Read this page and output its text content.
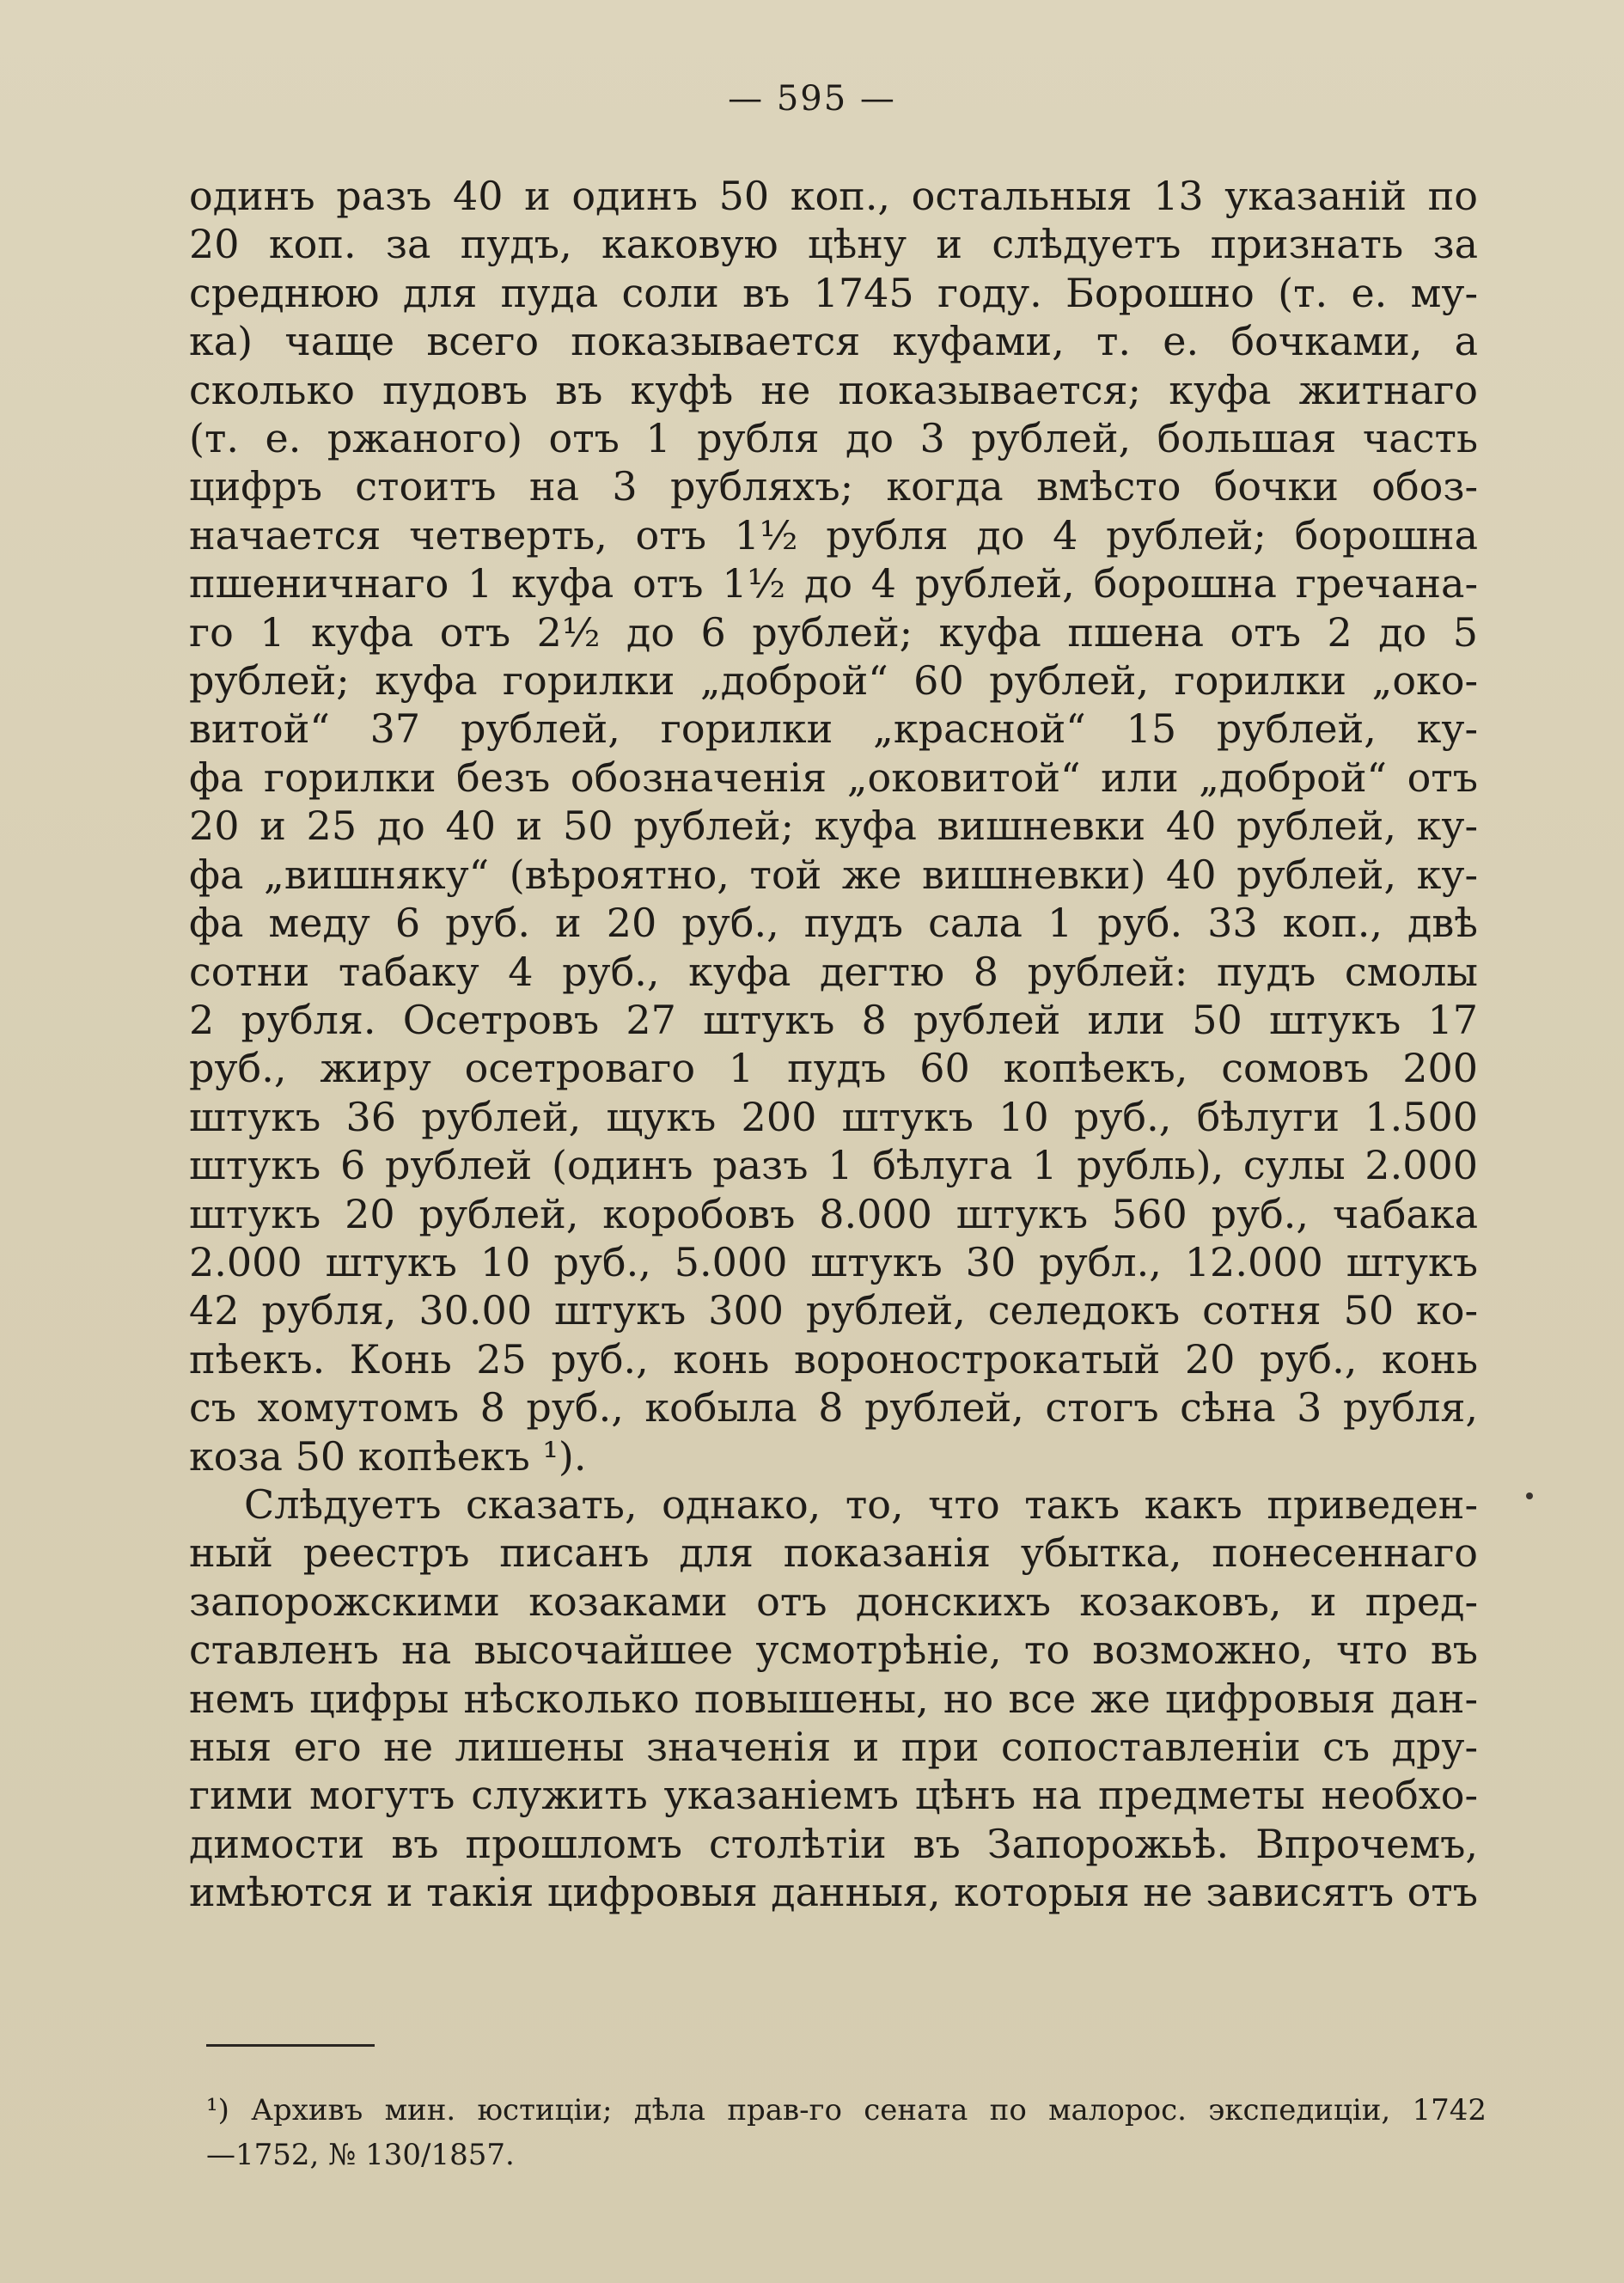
— 595 —
одинъ разъ 40 и одинъ 50 коп., остальныя 13 указаній по
20 коп. за пудъ, каковую цѣну и слѣдуетъ признать за
среднюю для пуда соли въ 1745 году. Борошно (т. е. му-
ка) чаще всего показывается куфами, т. е. бочками, а
сколько пудовъ въ куфѣ не показывается; куфа житнаго
(т. е. ржаного) отъ 1 рубля до 3 рублей, большая часть
цифръ стоитъ на 3 рубляхъ; когда вмѣсто бочки обоз-
начается четверть, отъ 1½ рубля до 4 рублей; борошна
пшеничнаго 1 куфа отъ 1½ до 4 рублей, борошна гречана-
го 1 куфа отъ 2½ до 6 рублей; куфа пшена отъ 2 до 5
рублей; куфа горилки „доброй“ 60 рублей, горилки „око-
витой“ 37 рублей, горилки „красной“ 15 рублей, ку-
фа горилки безъ обозначенія „оковитой“ или „доброй“ отъ
20 и 25 до 40 и 50 рублей; куфа вишневки 40 рублей, ку-
фа „вишняку“ (вѣроятно, той же вишневки) 40 рублей, ку-
фа меду 6 руб. и 20 руб., пудъ сала 1 руб. 33 коп., двѣ
сотни табаку 4 руб., куфа дегтю 8 рублей: пудъ смолы
2 рубля. Осетровъ 27 штукъ 8 рублей или 50 штукъ 17
руб., жиру осетроваго 1 пудъ 60 копѣекъ, сомовъ 200
штукъ 36 рублей, щукъ 200 штукъ 10 руб., бѣлуги 1.500
штукъ 6 рублей (одинъ разъ 1 бѣлуга 1 рубль), сулы 2.000
штукъ 20 рублей, коробовъ 8.000 штукъ 560 руб., чабака
2.000 штукъ 10 руб., 5.000 штукъ 30 рубл., 12.000 штукъ
42 рубля, 30.00 штукъ 300 рублей, селедокъ сотня 50 ко-
пѣекъ. Конь 25 руб., конь вороностpокатый 20 руб., конь
съ хомутомъ 8 руб., кобыла 8 рублей, стогъ сѣна 3 рубля,
коза 50 копѣекъ ¹).
Слѣдуетъ сказать, однако, то, что такъ какъ приведен-
ный реестръ писанъ для показанія убытка, понесеннаго
запорожскими козаками отъ донскихъ козаковъ, и пред-
ставленъ на высочайшее усмотрѣніе, то возможно, что въ
немъ цифры нѣсколько повышены, но все же цифровыя дан-
ныя его не лишены значенія и при сопоставленіи съ дру-
гими могутъ служить указаніемъ цѣнъ на предметы необхо-
димости въ прошломъ столѣтіи въ Запорожьѣ. Впрочемъ,
имѣются и такія цифровыя данныя, которыя не зависятъ отъ
¹) Архивъ мин. юстиціи; дѣла прав-го сената по малорос. экспедиціи, 1742
—1752, № 130/1857.
